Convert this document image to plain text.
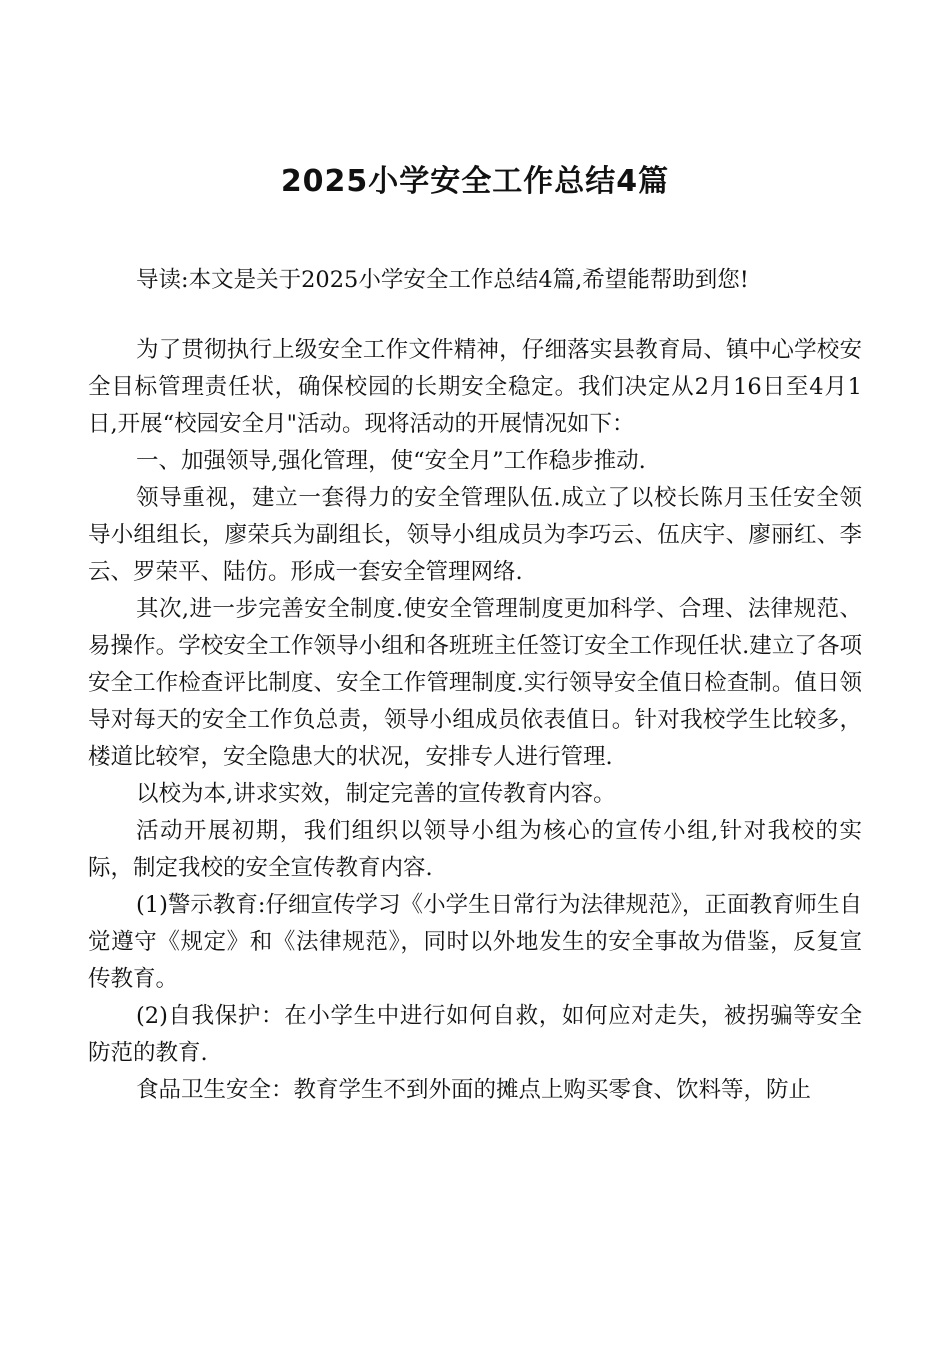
2025小学安全工作总结4篇

导读:本文是关于2025小学安全工作总结4篇,希望能帮助到您!

为了贯彻执行上级安全工作文件精神，仔细落实县教育局、镇中心学校安全目标管理责任状，确保校园的长期安全稳定。我们决定从2月16日至4月1日,开展“校园安全月"活动。现将活动的开展情况如下：

一、加强领导,强化管理，使“安全月”工作稳步推动.

领导重视，建立一套得力的安全管理队伍.成立了以校长陈月玉任安全领导小组组长，廖荣兵为副组长，领导小组成员为李巧云、伍庆宇、廖丽红、李云、罗荣平、陆仿。形成一套安全管理网络.

其次,进一步完善安全制度.使安全管理制度更加科学、合理、法律规范、易操作。学校安全工作领导小组和各班班主任签订安全工作现任状.建立了各项安全工作检查评比制度、安全工作管理制度.实行领导安全值日检查制。值日领导对每天的安全工作负总责，领导小组成员依表值日。针对我校学生比较多，楼道比较窄，安全隐患大的状况，安排专人进行管理.

以校为本,讲求实效，制定完善的宣传教育内容。

活动开展初期，我们组织以领导小组为核心的宣传小组,针对我校的实际，制定我校的安全宣传教育内容.

(1)警示教育:仔细宣传学习《小学生日常行为法律规范》，正面教育师生自觉遵守《规定》和《法律规范》，同时以外地发生的安全事故为借鉴，反复宣传教育。

(2)自我保护：在小学生中进行如何自救，如何应对走失，被拐骗等安全防范的教育.

食品卫生安全：教育学生不到外面的摊点上购买零食、饮料等，防止
